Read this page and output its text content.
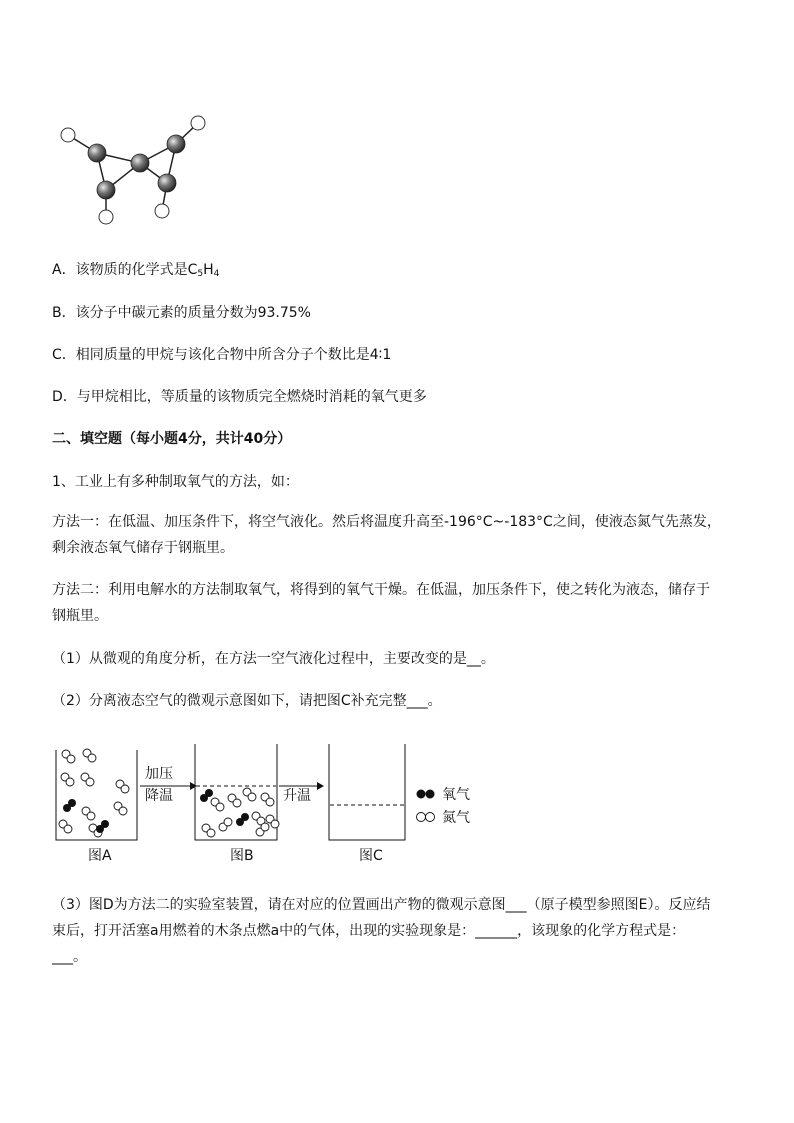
A．该物质的化学式是$C_5H_4$
B．该分子中碳元素的质量分数为93.75%
C．相同质量的甲烷与该化合物中所含分子个数比是4∶1
D．与甲烷相比，等质量的该物质完全燃烧时消耗的氧气更多
二、填空题（每小题4分，共计40分）
1、工业上有多种制取氧气的方法，如：
方法一：在低温、加压条件下，将空气液化。然后将温度升高至-196°C~-183°C之间，使液态氮气先蒸发，
剩余液态氧气储存于钢瓶里。
方法二：利用电解水的方法制取氧气，将得到的氧气干燥。在低温，加压条件下，使之转化为液态，储存于
钢瓶里。
（1）从微观的角度分析，在方法一空气液化过程中，主要改变的是__。
（2）分离液态空气的微观示意图如下，请把图C补充完整___。
加压
降温	升温	氧气
氮气
图A	图B	图C
（3）图D为方法二的实验室装置，请在对应的位置画出产物的微观示意图___（原子模型参照图E）。反应结
束后，打开活塞a用燃着的木条点燃a中的气体，出现的实验现象是：______，该现象的化学方程式是：
___。
